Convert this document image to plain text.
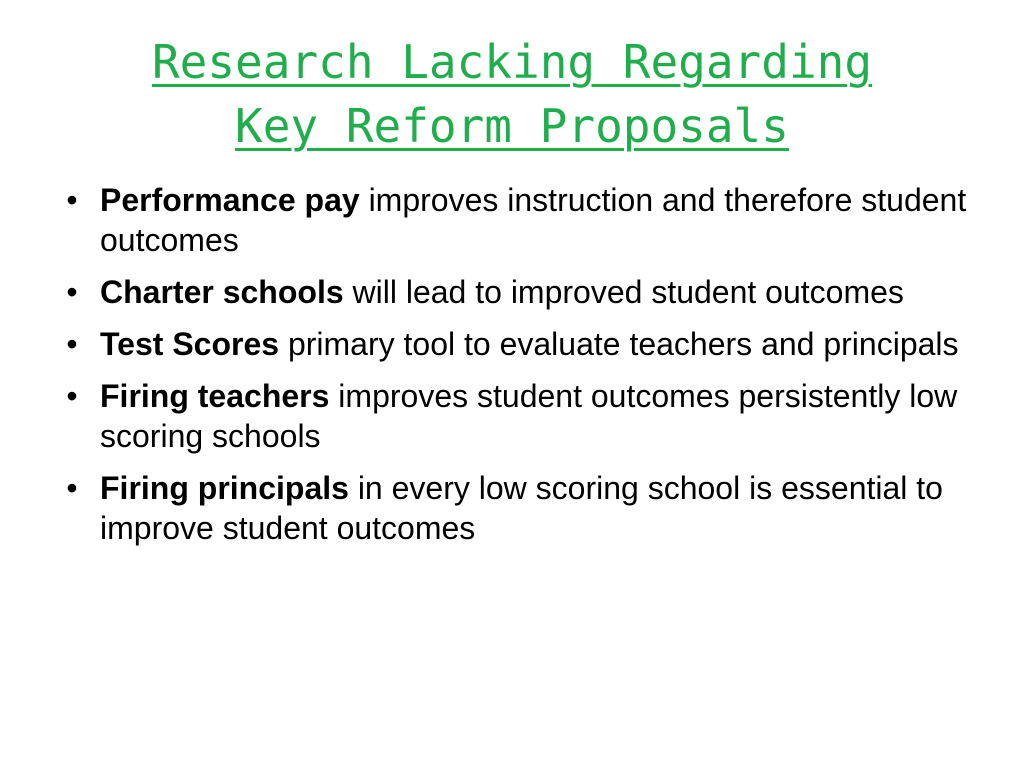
Research Lacking Regarding
Key Reform Proposals
• Performance pay improves instruction and therefore student outcomes
• Charter schools will lead to improved student outcomes
• Test Scores primary tool to evaluate teachers and principals
• Firing teachers improves student outcomes persistently low scoring schools
• Firing principals in every low scoring school is essential to improve student outcomes
